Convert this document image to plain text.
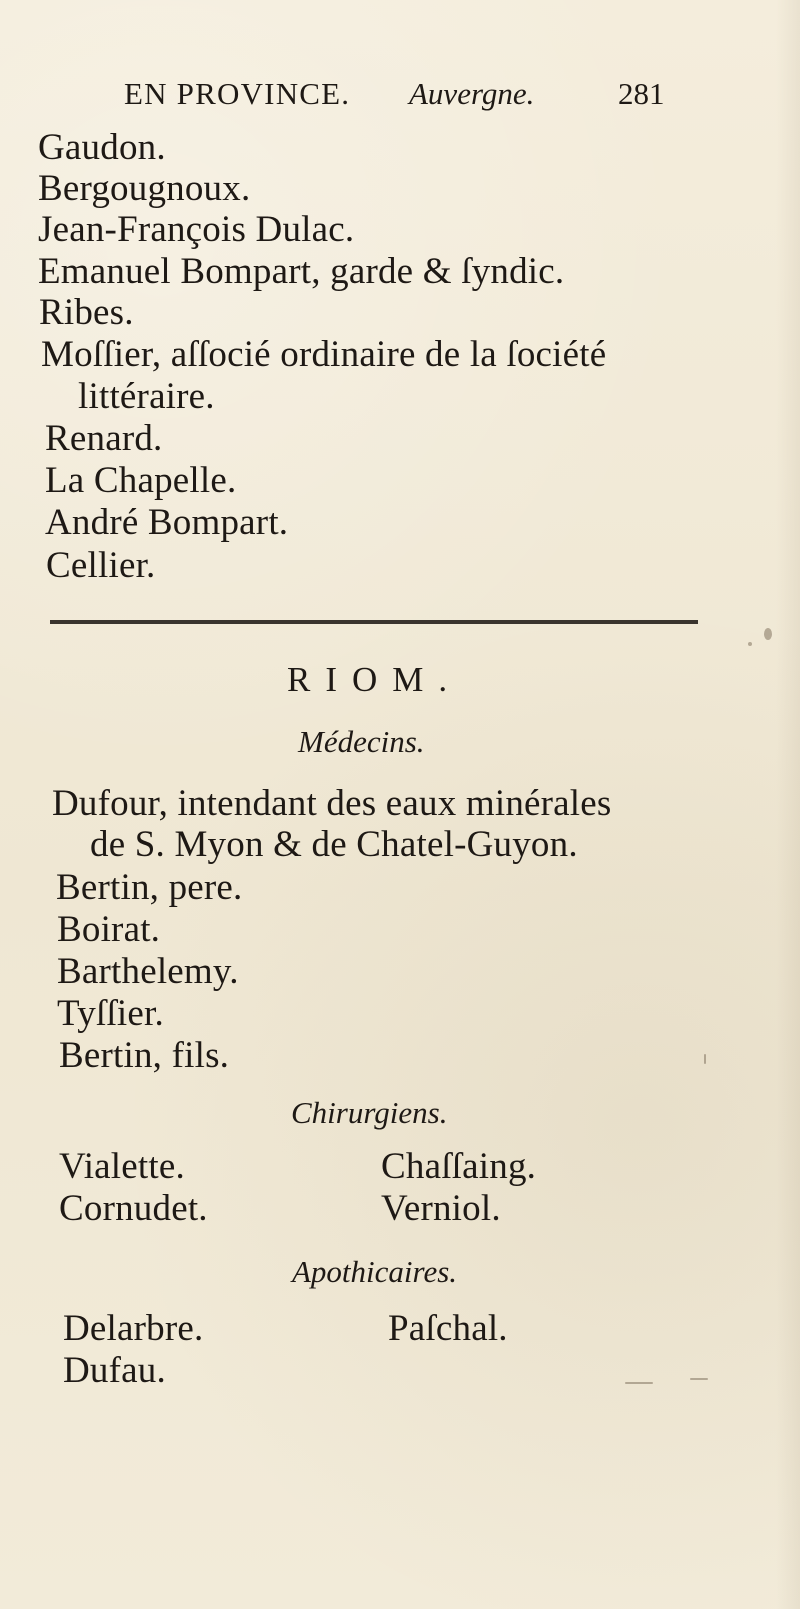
EN PROVINCE. Auvergne.	281
Gaudon.
Bergougnoux.
Jean-François Dulac.
Emanuel Bompart, garde & ſyndic.
Ribes.
Moſſier, aſſocié ordinaire de la ſociété
littéraire.
Renard.
La Chapelle.
André Bompart.
Cellier.
RIOM.
Médecins.
Dufour, intendant des eaux minérales
de S. Myon & de Chatel-Guyon.
Bertin, pere.
Boirat.
Barthelemy.
Tyſſier.
Bertin, fils.
Chirurgiens.
Vialette.
Cornudet.
Chaſſaing.
Verniol.
Apothicaires.
Delarbre.
Dufau.
Paſchal.
